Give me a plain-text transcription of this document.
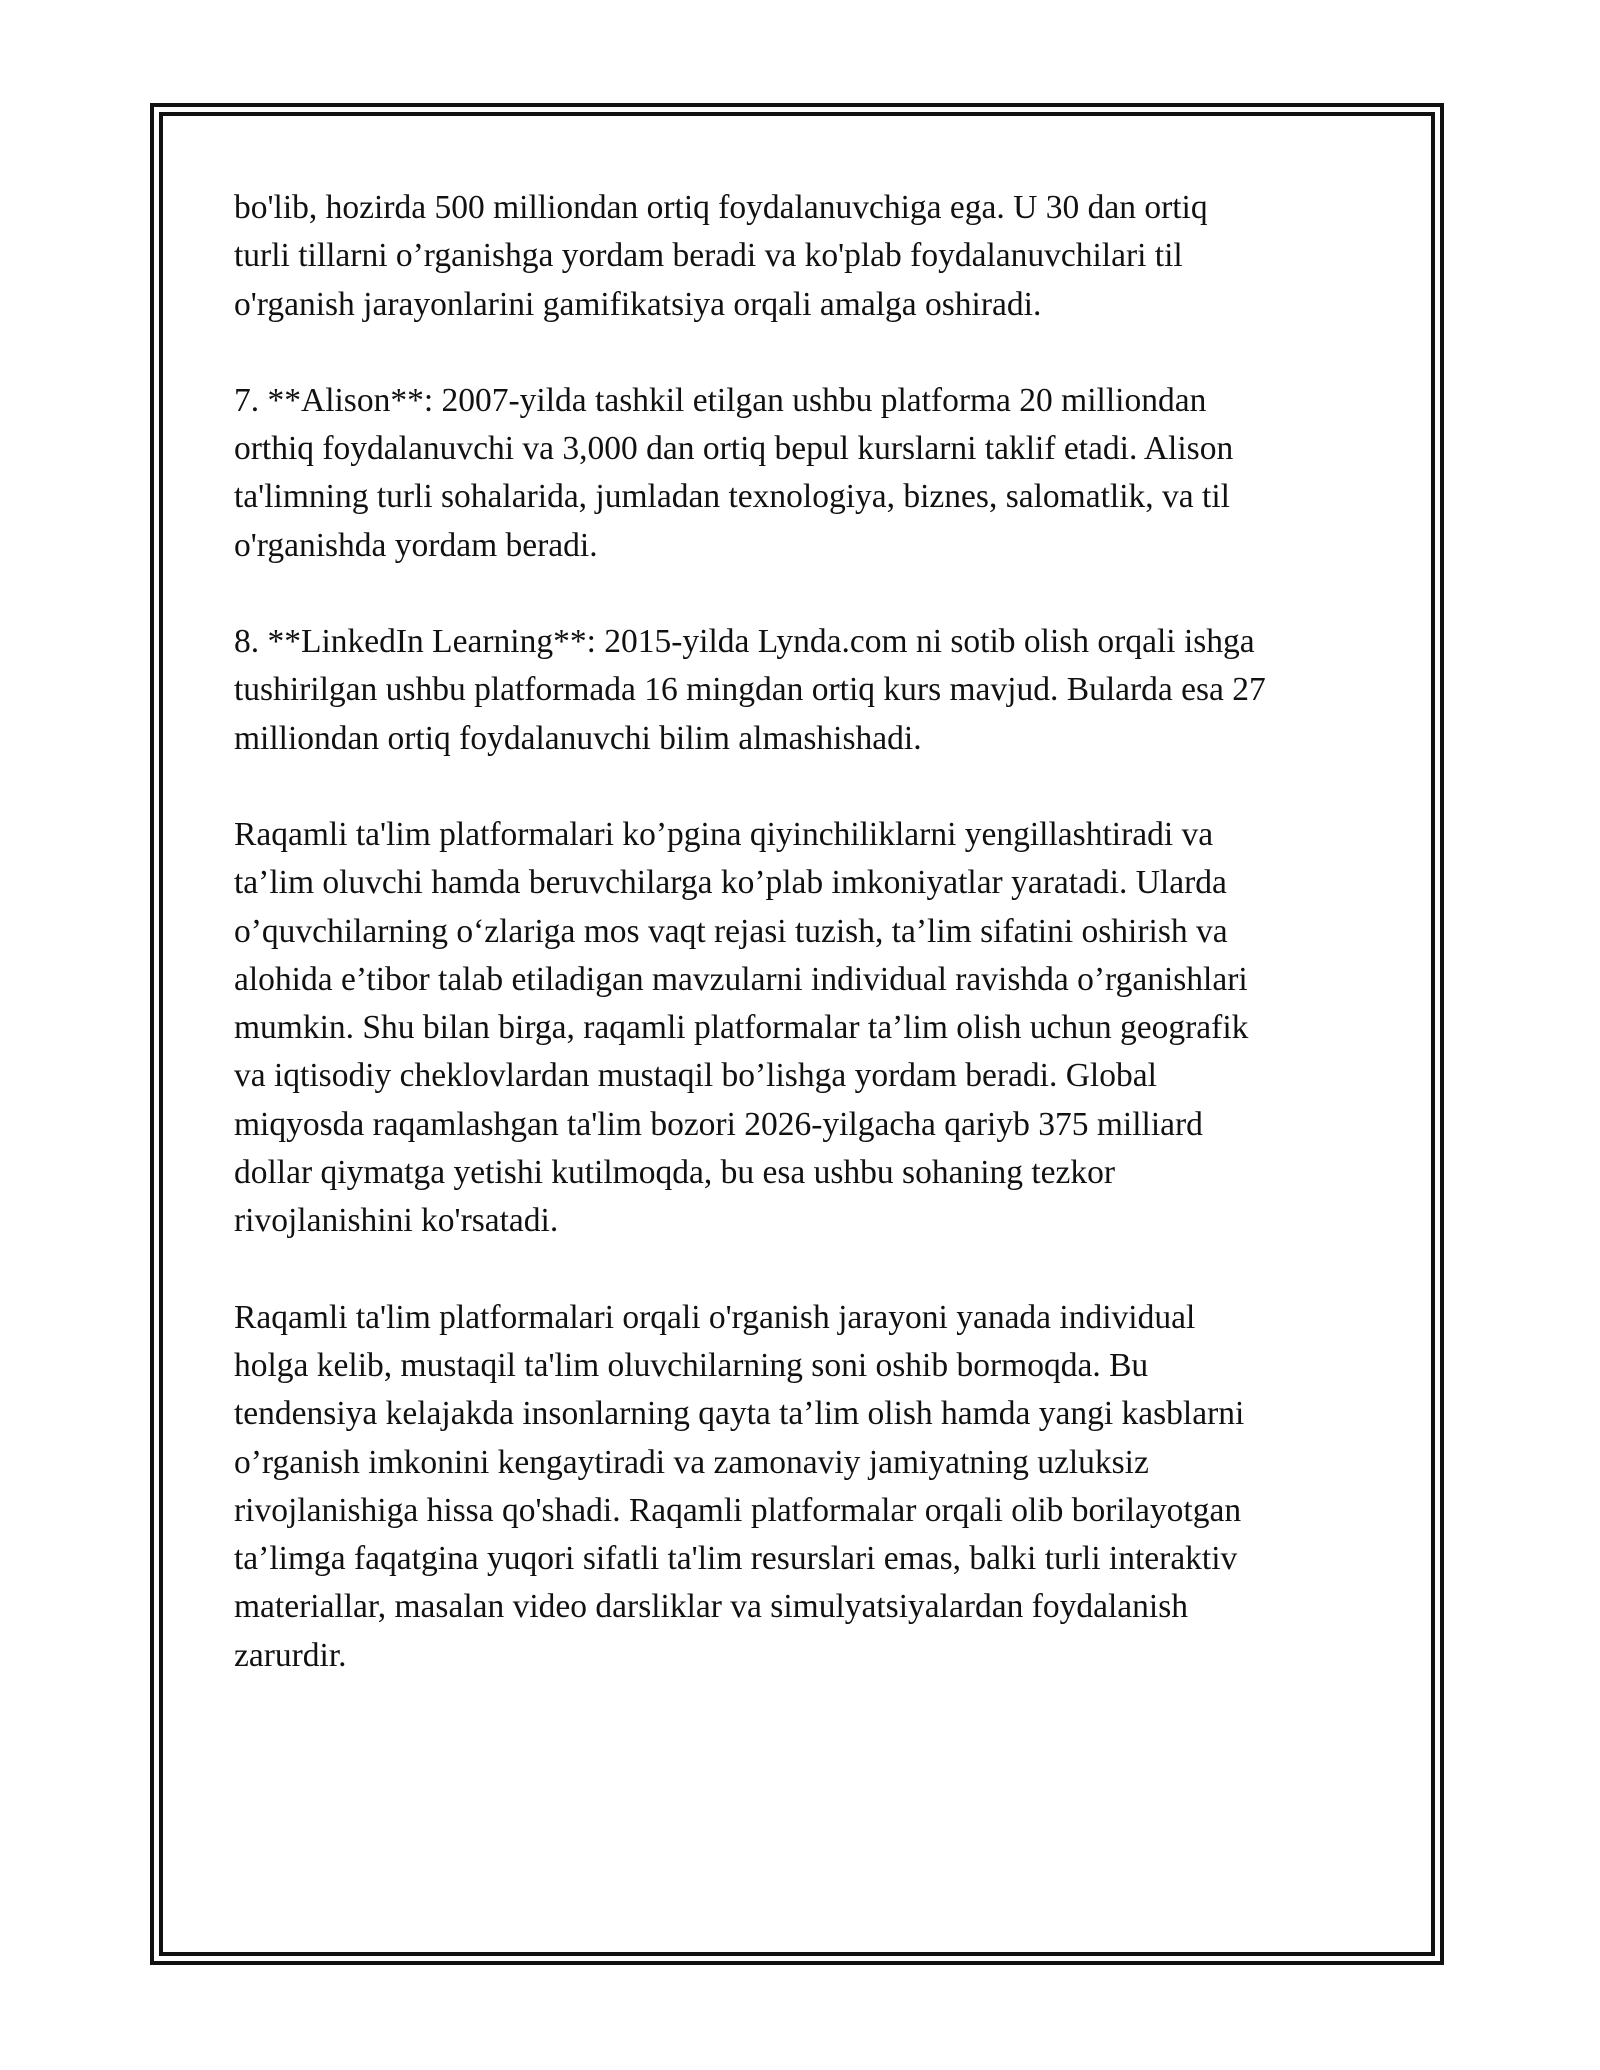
bo'lib, hozirda 500 milliondan ortiq foydalanuvchiga ega. U 30 dan ortiq
turli tillarni o’rganishga yordam beradi va ko'plab foydalanuvchilari til
o'rganish jarayonlarini gamifikatsiya orqali amalga oshiradi.

7. **Alison**: 2007-yilda tashkil etilgan ushbu platforma 20 milliondan
orthiq foydalanuvchi va 3,000 dan ortiq bepul kurslarni taklif etadi. Alison
ta'limning turli sohalarida, jumladan texnologiya, biznes, salomatlik, va til
o'rganishda yordam beradi.

8. **LinkedIn Learning**: 2015-yilda Lynda.com ni sotib olish orqali ishga
tushirilgan ushbu platformada 16 mingdan ortiq kurs mavjud. Bularda esa 27
milliondan ortiq foydalanuvchi bilim almashishadi.

Raqamli ta'lim platformalari ko’pgina qiyinchiliklarni yengillashtiradi va
ta’lim oluvchi hamda beruvchilarga ko’plab imkoniyatlar yaratadi. Ularda
o’quvchilarning o‘zlariga mos vaqt rejasi tuzish, ta’lim sifatini oshirish va
alohida e’tibor talab etiladigan mavzularni individual ravishda o’rganishlari
mumkin. Shu bilan birga, raqamli platformalar ta’lim olish uchun geografik
va iqtisodiy cheklovlardan mustaqil bo’lishga yordam beradi. Global
miqyosda raqamlashgan ta'lim bozori 2026-yilgacha qariyb 375 milliard
dollar qiymatga yetishi kutilmoqda, bu esa ushbu sohaning tezkor
rivojlanishini ko'rsatadi.

Raqamli ta'lim platformalari orqali o'rganish jarayoni yanada individual
holga kelib, mustaqil ta'lim oluvchilarning soni oshib bormoqda. Bu
tendensiya kelajakda insonlarning qayta ta’lim olish hamda yangi kasblarni
o’rganish imkonini kengaytiradi va zamonaviy jamiyatning uzluksiz
rivojlanishiga hissa qo'shadi. Raqamli platformalar orqali olib borilayotgan
ta’limga faqatgina yuqori sifatli ta'lim resurslari emas, balki turli interaktiv
materiallar, masalan video darsliklar va simulyatsiyalardan foydalanish
zarurdir.
